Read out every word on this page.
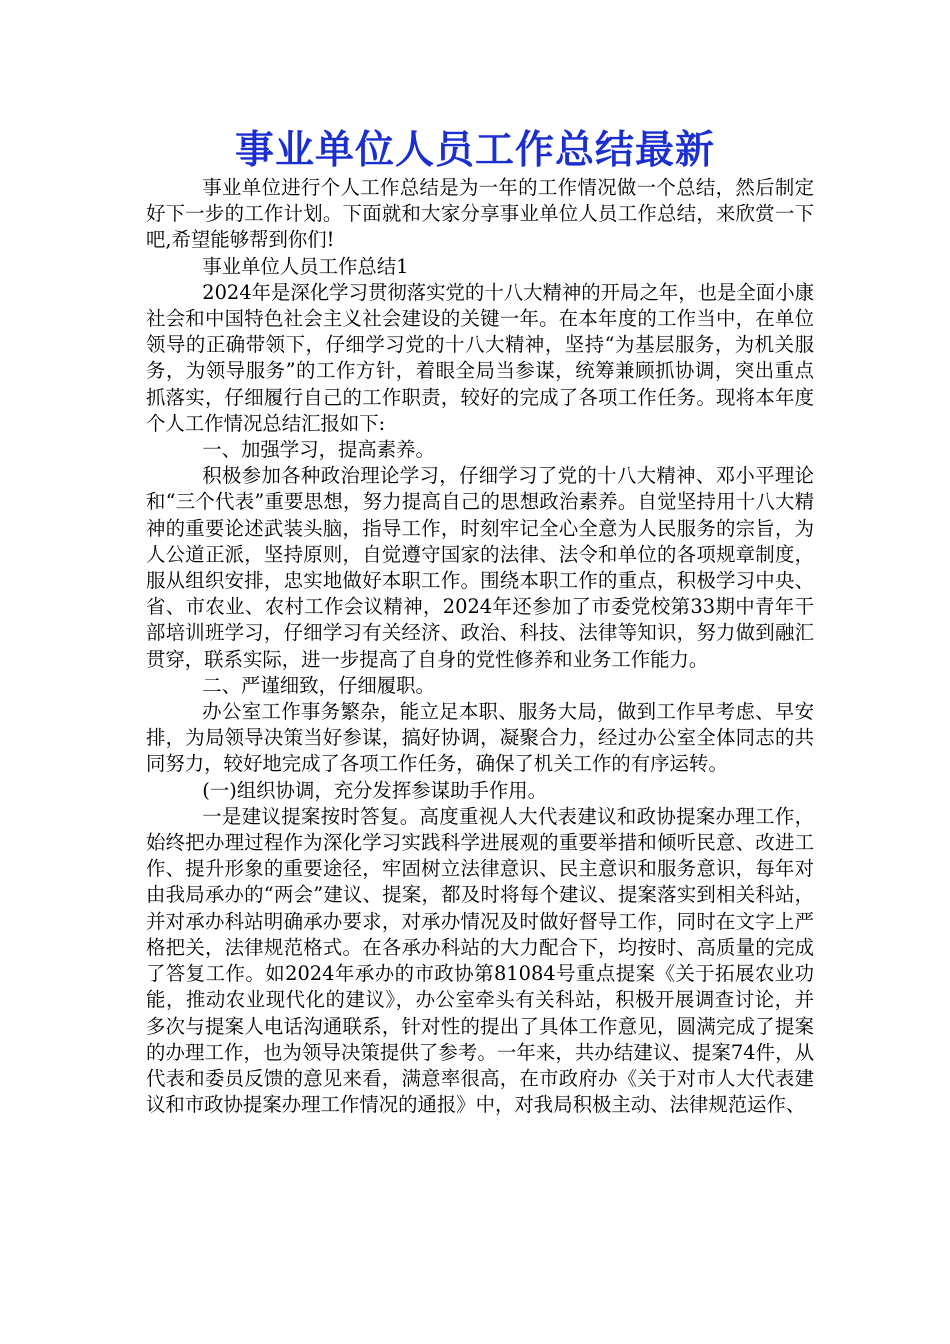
事业单位人员工作总结最新

事业单位进行个人工作总结是为一年的工作情况做一个总结，然后制定好下一步的工作计划。下面就和大家分享事业单位人员工作总结，来欣赏一下吧,希望能够帮到你们!

事业单位人员工作总结1

2024年是深化学习贯彻落实党的十八大精神的开局之年，也是全面小康社会和中国特色社会主义社会建设的关键一年。在本年度的工作当中，在单位领导的正确带领下，仔细学习党的十八大精神，坚持“为基层服务，为机关服务，为领导服务”的工作方针，着眼全局当参谋，统筹兼顾抓协调，突出重点抓落实，仔细履行自己的工作职责，较好的完成了各项工作任务。现将本年度个人工作情况总结汇报如下:

一、加强学习，提高素养。

积极参加各种政治理论学习，仔细学习了党的十八大精神、邓小平理论和“三个代表”重要思想，努力提高自己的思想政治素养。自觉坚持用十八大精神的重要论述武装头脑，指导工作，时刻牢记全心全意为人民服务的宗旨，为人公道正派，坚持原则，自觉遵守国家的法律、法令和单位的各项规章制度，服从组织安排，忠实地做好本职工作。围绕本职工作的重点，积极学习中央、省、市农业、农村工作会议精神，2024年还参加了市委党校第33期中青年干部培训班学习，仔细学习有关经济、政治、科技、法律等知识，努力做到融汇贯穿，联系实际，进一步提高了自身的党性修养和业务工作能力。

二、严谨细致，仔细履职。

办公室工作事务繁杂，能立足本职、服务大局，做到工作早考虑、早安排，为局领导决策当好参谋，搞好协调，凝聚合力，经过办公室全体同志的共同努力，较好地完成了各项工作任务，确保了机关工作的有序运转。

(一)组织协调，充分发挥参谋助手作用。

一是建议提案按时答复。高度重视人大代表建议和政协提案办理工作，始终把办理过程作为深化学习实践科学进展观的重要举措和倾听民意、改进工作、提升形象的重要途径，牢固树立法律意识、民主意识和服务意识，每年对由我局承办的“两会”建议、提案，都及时将每个建议、提案落实到相关科站，并对承办科站明确承办要求，对承办情况及时做好督导工作，同时在文字上严格把关，法律规范格式。在各承办科站的大力配合下，均按时、高质量的完成了答复工作。如2024年承办的市政协第81084号重点提案《关于拓展农业功能，推动农业现代化的建议》，办公室牵头有关科站，积极开展调查讨论，并多次与提案人电话沟通联系，针对性的提出了具体工作意见，圆满完成了提案的办理工作，也为领导决策提供了参考。一年来，共办结建议、提案74件，从代表和委员反馈的意见来看，满意率很高，在市政府办《关于对市人大代表建议和市政协提案办理工作情况的通报》中，对我局积极主动、法律规范运作、
